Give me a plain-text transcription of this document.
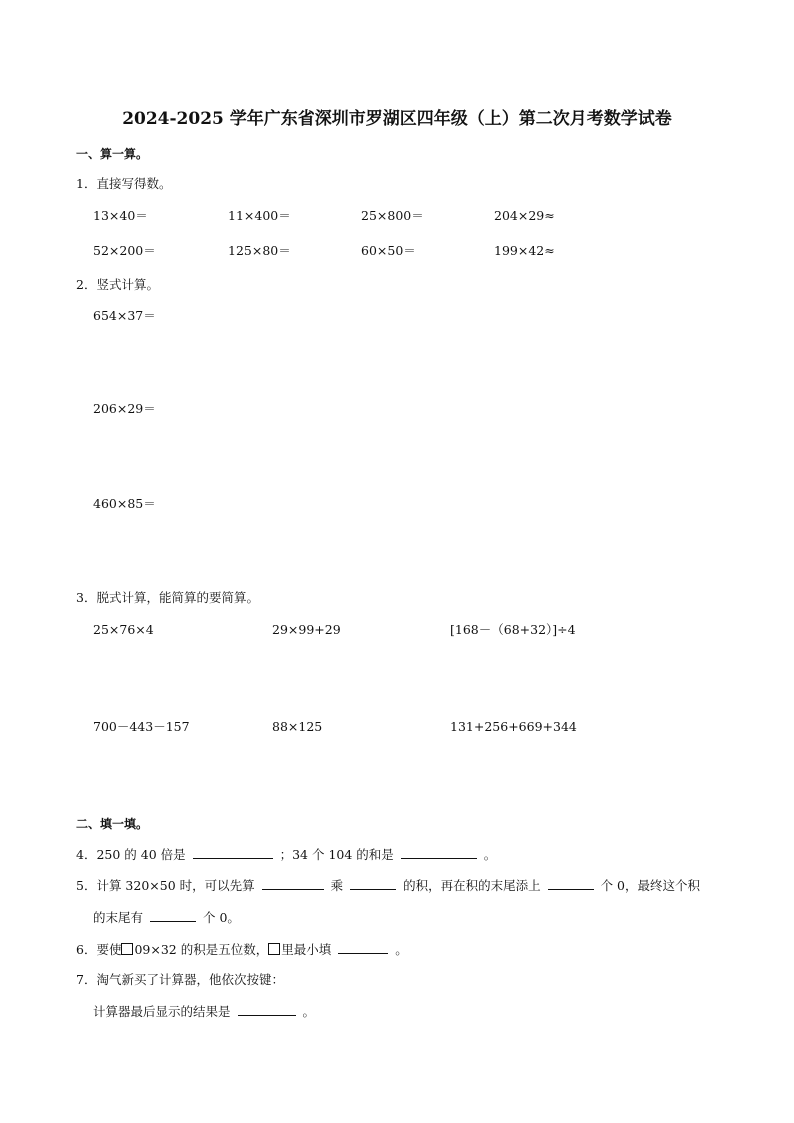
2024-2025 学年广东省深圳市罗湖区四年级（上）第二次月考数学试卷
一、算一算。
1．直接写得数。
13×40＝	11×400＝	25×800＝	204×29≈
52×200＝	125×80＝	60×50＝	199×42≈
2．竖式计算。
654×37＝
206×29＝
460×85＝
3．脱式计算，能简算的要简算。
25×76×4	29×99+29	[168－（68+32）]÷4
700－443－157	88×125	131+256+669+344
二、填一填。
4．250 的 40 倍是	；34 个 104 的和是	。
5．计算 320×50 时，可以先算	乘	的积，再在积的末尾添上	个 0，最终这个积
的末尾有	个 0。
6．要使 09×32 的积是五位数， 里最小填	。
7．淘气新买了计算器，他依次按键：
计算器最后显示的结果是	。
